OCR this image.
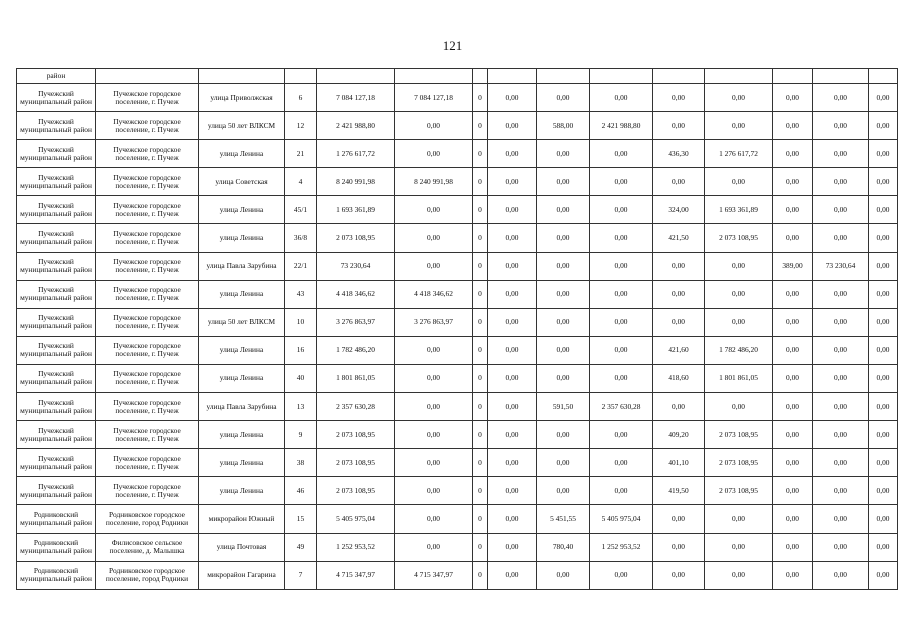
121
район														
Пучежский муниципальный район	Пучежское городское поселение, г. Пучеж	улица Приволжская	6	7 084 127,18	7 084 127,18	0	0,00	0,00	0,00	0,00	0,00	0,00	0,00	0,00
Пучежский муниципальный район	Пучежское городское поселение, г. Пучеж	улица 50 лет ВЛКСМ	12	2 421 988,80	0,00	0	0,00	588,00	2 421 988,80	0,00	0,00	0,00	0,00	0,00
Пучежский муниципальный район	Пучежское городское поселение, г. Пучеж	улица Ленина	21	1 276 617,72	0,00	0	0,00	0,00	0,00	436,30	1 276 617,72	0,00	0,00	0,00
Пучежский муниципальный район	Пучежское городское поселение, г. Пучеж	улица Советская	4	8 240 991,98	8 240 991,98	0	0,00	0,00	0,00	0,00	0,00	0,00	0,00	0,00
Пучежский муниципальный район	Пучежское городское поселение, г. Пучеж	улица Ленина	45/1	1 693 361,89	0,00	0	0,00	0,00	0,00	324,00	1 693 361,89	0,00	0,00	0,00
Пучежский муниципальный район	Пучежское городское поселение, г. Пучеж	улица Ленина	36/8	2 073 108,95	0,00	0	0,00	0,00	0,00	421,50	2 073 108,95	0,00	0,00	0,00
Пучежский муниципальный район	Пучежское городское поселение, г. Пучеж	улица Павла Зарубина	22/1	73 230,64	0,00	0	0,00	0,00	0,00	0,00	0,00	389,00	73 230,64	0,00
Пучежский муниципальный район	Пучежское городское поселение, г. Пучеж	улица Ленина	43	4 418 346,62	4 418 346,62	0	0,00	0,00	0,00	0,00	0,00	0,00	0,00	0,00
Пучежский муниципальный район	Пучежское городское поселение, г. Пучеж	улица 50 лет ВЛКСМ	10	3 276 863,97	3 276 863,97	0	0,00	0,00	0,00	0,00	0,00	0,00	0,00	0,00
Пучежский муниципальный район	Пучежское городское поселение, г. Пучеж	улица Ленина	16	1 782 486,20	0,00	0	0,00	0,00	0,00	421,60	1 782 486,20	0,00	0,00	0,00
Пучежский муниципальный район	Пучежское городское поселение, г. Пучеж	улица Ленина	40	1 801 861,05	0,00	0	0,00	0,00	0,00	418,60	1 801 861,05	0,00	0,00	0,00
Пучежский муниципальный район	Пучежское городское поселение, г. Пучеж	улица Павла Зарубина	13	2 357 630,28	0,00	0	0,00	591,50	2 357 630,28	0,00	0,00	0,00	0,00	0,00
Пучежский муниципальный район	Пучежское городское поселение, г. Пучеж	улица Ленина	9	2 073 108,95	0,00	0	0,00	0,00	0,00	409,20	2 073 108,95	0,00	0,00	0,00
Пучежский муниципальный район	Пучежское городское поселение, г. Пучеж	улица Ленина	38	2 073 108,95	0,00	0	0,00	0,00	0,00	401,10	2 073 108,95	0,00	0,00	0,00
Пучежский муниципальный район	Пучежское городское поселение, г. Пучеж	улица Ленина	46	2 073 108,95	0,00	0	0,00	0,00	0,00	419,50	2 073 108,95	0,00	0,00	0,00
Родниковский муниципальный район	Родниковское городское поселение, город Родники	микрорайон Южный	15	5 405 975,04	0,00	0	0,00	5 451,55	5 405 975,04	0,00	0,00	0,00	0,00	0,00
Родниковский муниципальный район	Филисовское сельское поселение, д. Малышка	улица Почтовая	49	1 252 953,52	0,00	0	0,00	780,40	1 252 953,52	0,00	0,00	0,00	0,00	0,00
Родниковский муниципальный район	Родниковское городское поселение, город Родники	микрорайон Гагарина	7	4 715 347,97	4 715 347,97	0	0,00	0,00	0,00	0,00	0,00	0,00	0,00	0,00
